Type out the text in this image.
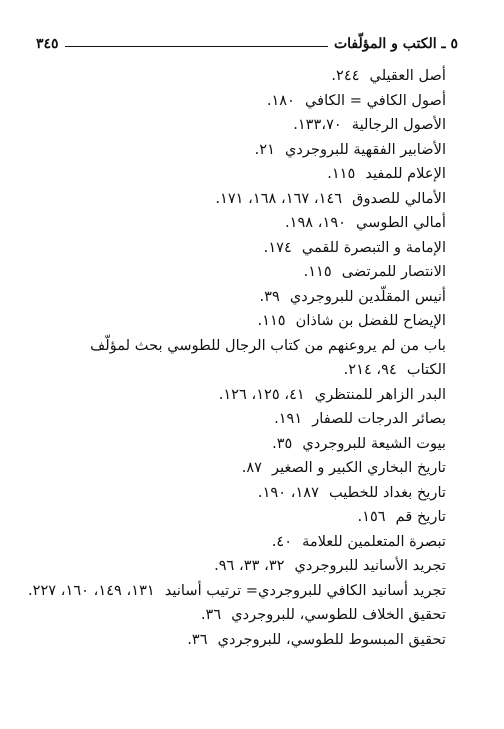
٥ ـ الكتب و المؤلّفات
٣٤٥
أصل العقيلي٢٤٤.
أصول الكافي = الكافي١٨٠.
الأصول الرجالية١٣٣،٧٠.
الأضابير الفقهية للبروجردي٢١.
الإعلام للمفيد١١٥.
الأمالي للصدوق١٤٦، ١٦٧، ١٦٨، ١٧١.
أمالي الطوسي١٩٠، ١٩٨.
الإمامة و التبصرة للقمي١٧٤.
الانتصار للمرتضى١١٥.
أنيس المقلّدين للبروجردي٣٩.
الإيضاح للفضل بن شاذان١١٥.
باب من لم يروعنهم من كتاب الرجال للطوسي بحث لمؤلّف الكتاب٩٤، ٢١٤.
البدر الزاهر للمنتظري٤١، ١٢٥، ١٢٦.
بصائر الدرجات للصفار١٩١.
بيوت الشيعة للبروجردي٣٥.
تاريخ البخاري الكبير و الصغير٨٧.
تاريخ بغداد للخطيب١٨٧، ١٩٠.
تاريخ قم١٥٦.
تبصرة المتعلمين للعلامة٤٠.
تجريد الأسانيد للبروجردي٣٢، ٣٣، ٩٦.
تجريد أسانيد الكافي للبروجردي= ترتيب أسانيد١٣١، ١٤٩، ١٦٠، ٢٢٧.
تحقيق الخلاف للطوسي، للبروجردي٣٦.
تحقيق المبسوط للطوسي، للبروجردي٣٦.
